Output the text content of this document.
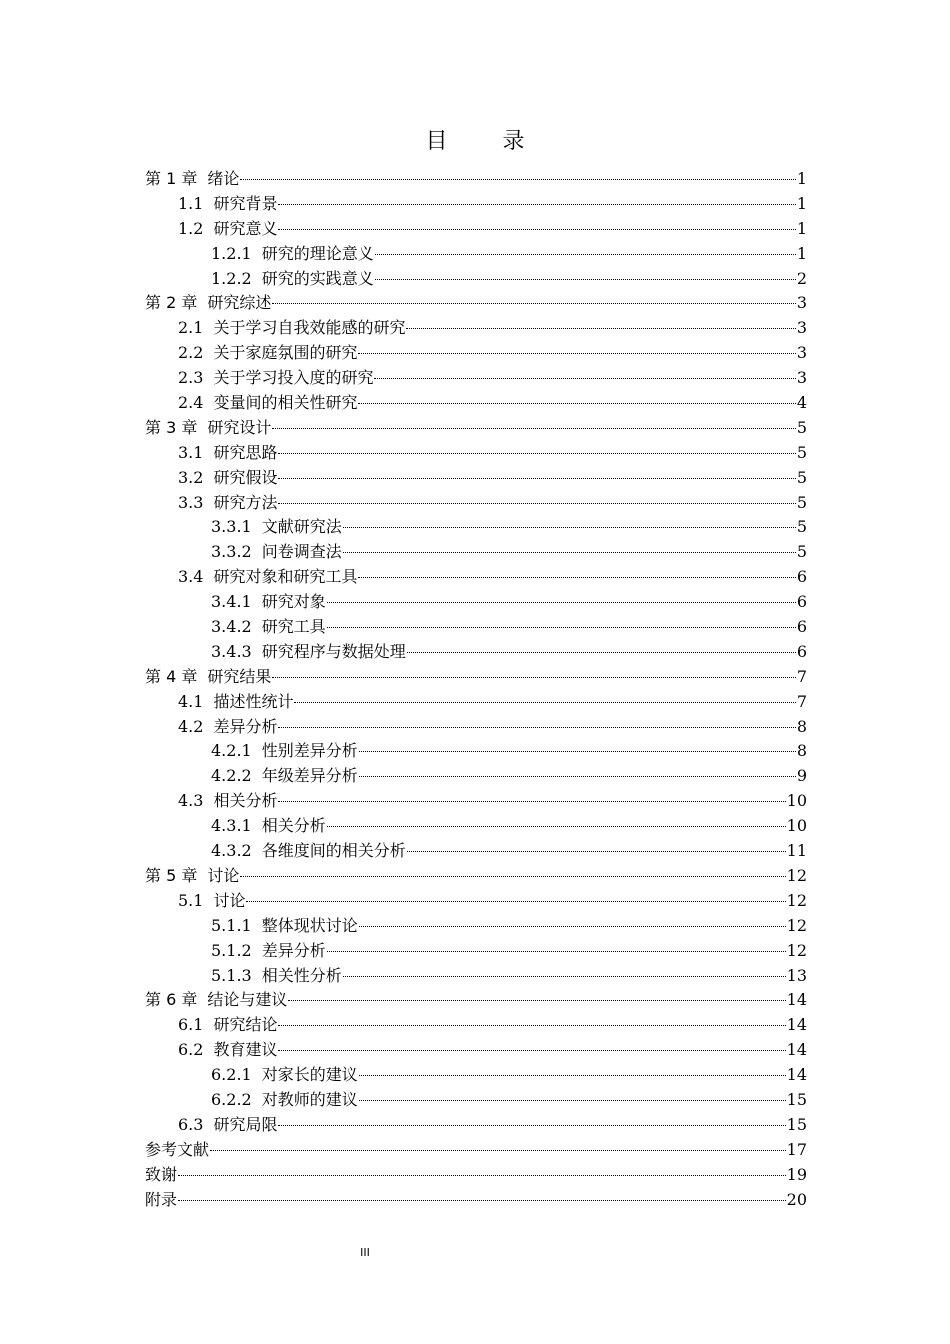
目 录
第 1 章 绪论	1
1.1 研究背景	1
1.2 研究意义	1
1.2.1 研究的理论意义	1
1.2.2 研究的实践意义	2
第 2 章 研究综述	3
2.1 关于学习自我效能感的研究	3
2.2 关于家庭氛围的研究	3
2.3 关于学习投入度的研究	3
2.4 变量间的相关性研究	4
第 3 章 研究设计	5
3.1 研究思路	5
3.2 研究假设	5
3.3 研究方法	5
3.3.1 文献研究法	5
3.3.2 问卷调查法	5
3.4 研究对象和研究工具	6
3.4.1 研究对象	6
3.4.2 研究工具	6
3.4.3 研究程序与数据处理	6
第 4 章 研究结果	7
4.1 描述性统计	7
4.2 差异分析	8
4.2.1 性别差异分析	8
4.2.2 年级差异分析	9
4.3 相关分析	10
4.3.1 相关分析	10
4.3.2 各维度间的相关分析	11
第 5 章 讨论	12
5.1 讨论	12
5.1.1 整体现状讨论	12
5.1.2 差异分析	12
5.1.3 相关性分析	13
第 6 章 结论与建议	14
6.1 研究结论	14
6.2 教育建议	14
6.2.1 对家长的建议	14
6.2.2 对教师的建议	15
6.3 研究局限	15
参考文献	17
致谢	19
附录	20
III
